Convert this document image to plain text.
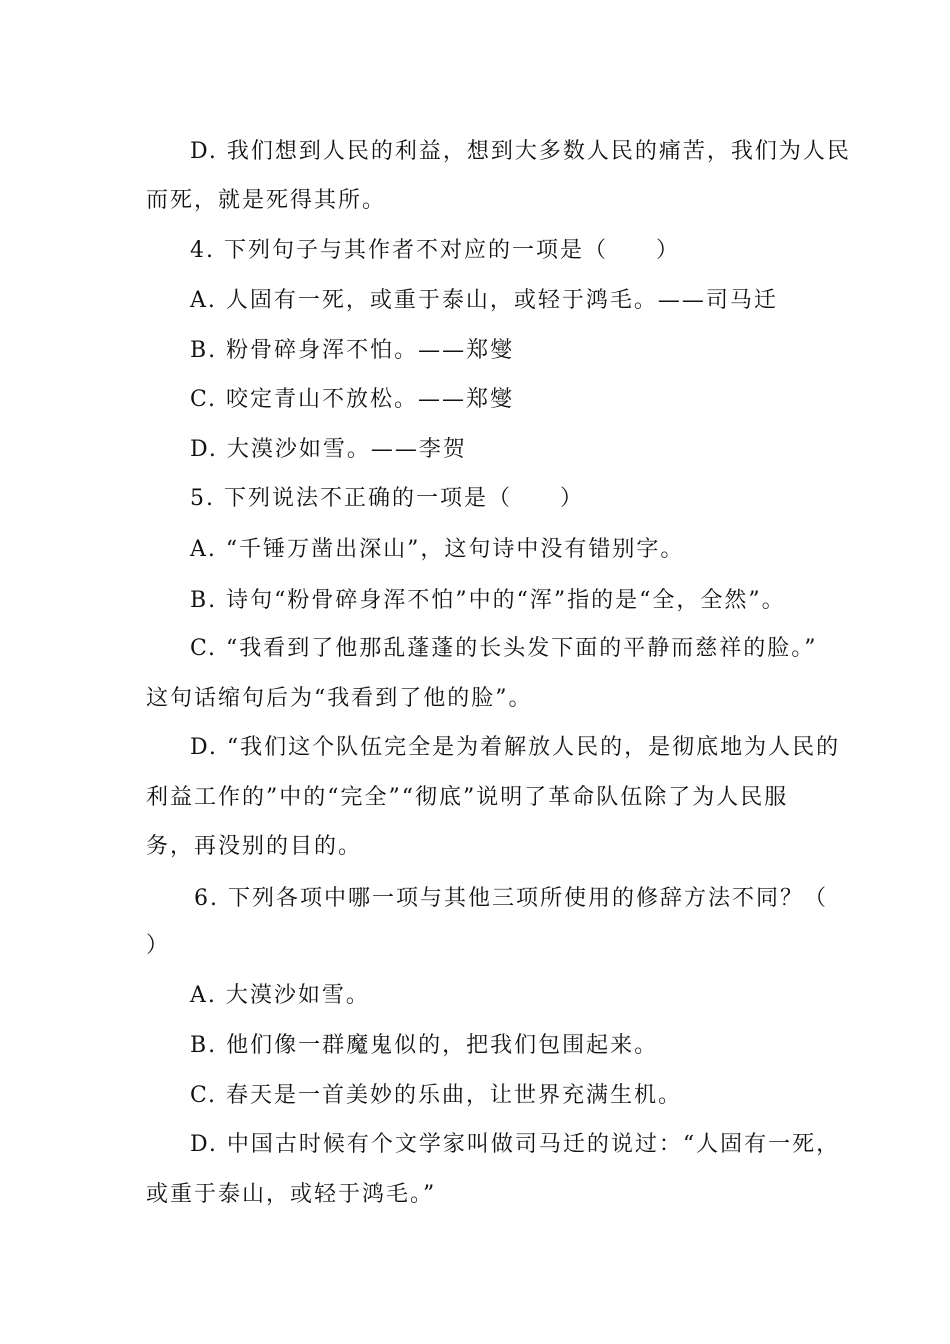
D. 我们想到人民的利益，想到大多数人民的痛苦，我们为人民
而死，就是死得其所。
4. 下列句子与其作者不对应的一项是（　　）
A. 人固有一死，或重于泰山，或轻于鸿毛。——司马迁
B. 粉骨碎身浑不怕。——郑燮
C. 咬定青山不放松。——郑燮
D. 大漠沙如雪。——李贺
5. 下列说法不正确的一项是（　　）
A. “千锤万凿出深山”，这句诗中没有错别字。
B. 诗句“粉骨碎身浑不怕”中的“浑”指的是“全，全然”。
C. “我看到了他那乱蓬蓬的长头发下面的平静而慈祥的脸。”
这句话缩句后为“我看到了他的脸”。
D. “我们这个队伍完全是为着解放人民的，是彻底地为人民的
利益工作的”中的“完全”“彻底”说明了革命队伍除了为人民服
务，再没别的目的。
6. 下列各项中哪一项与其他三项所使用的修辞方法不同？（
）
A. 大漠沙如雪。
B. 他们像一群魔鬼似的，把我们包围起来。
C. 春天是一首美妙的乐曲，让世界充满生机。
D. 中国古时候有个文学家叫做司马迁的说过：“人固有一死，
或重于泰山，或轻于鸿毛。”
